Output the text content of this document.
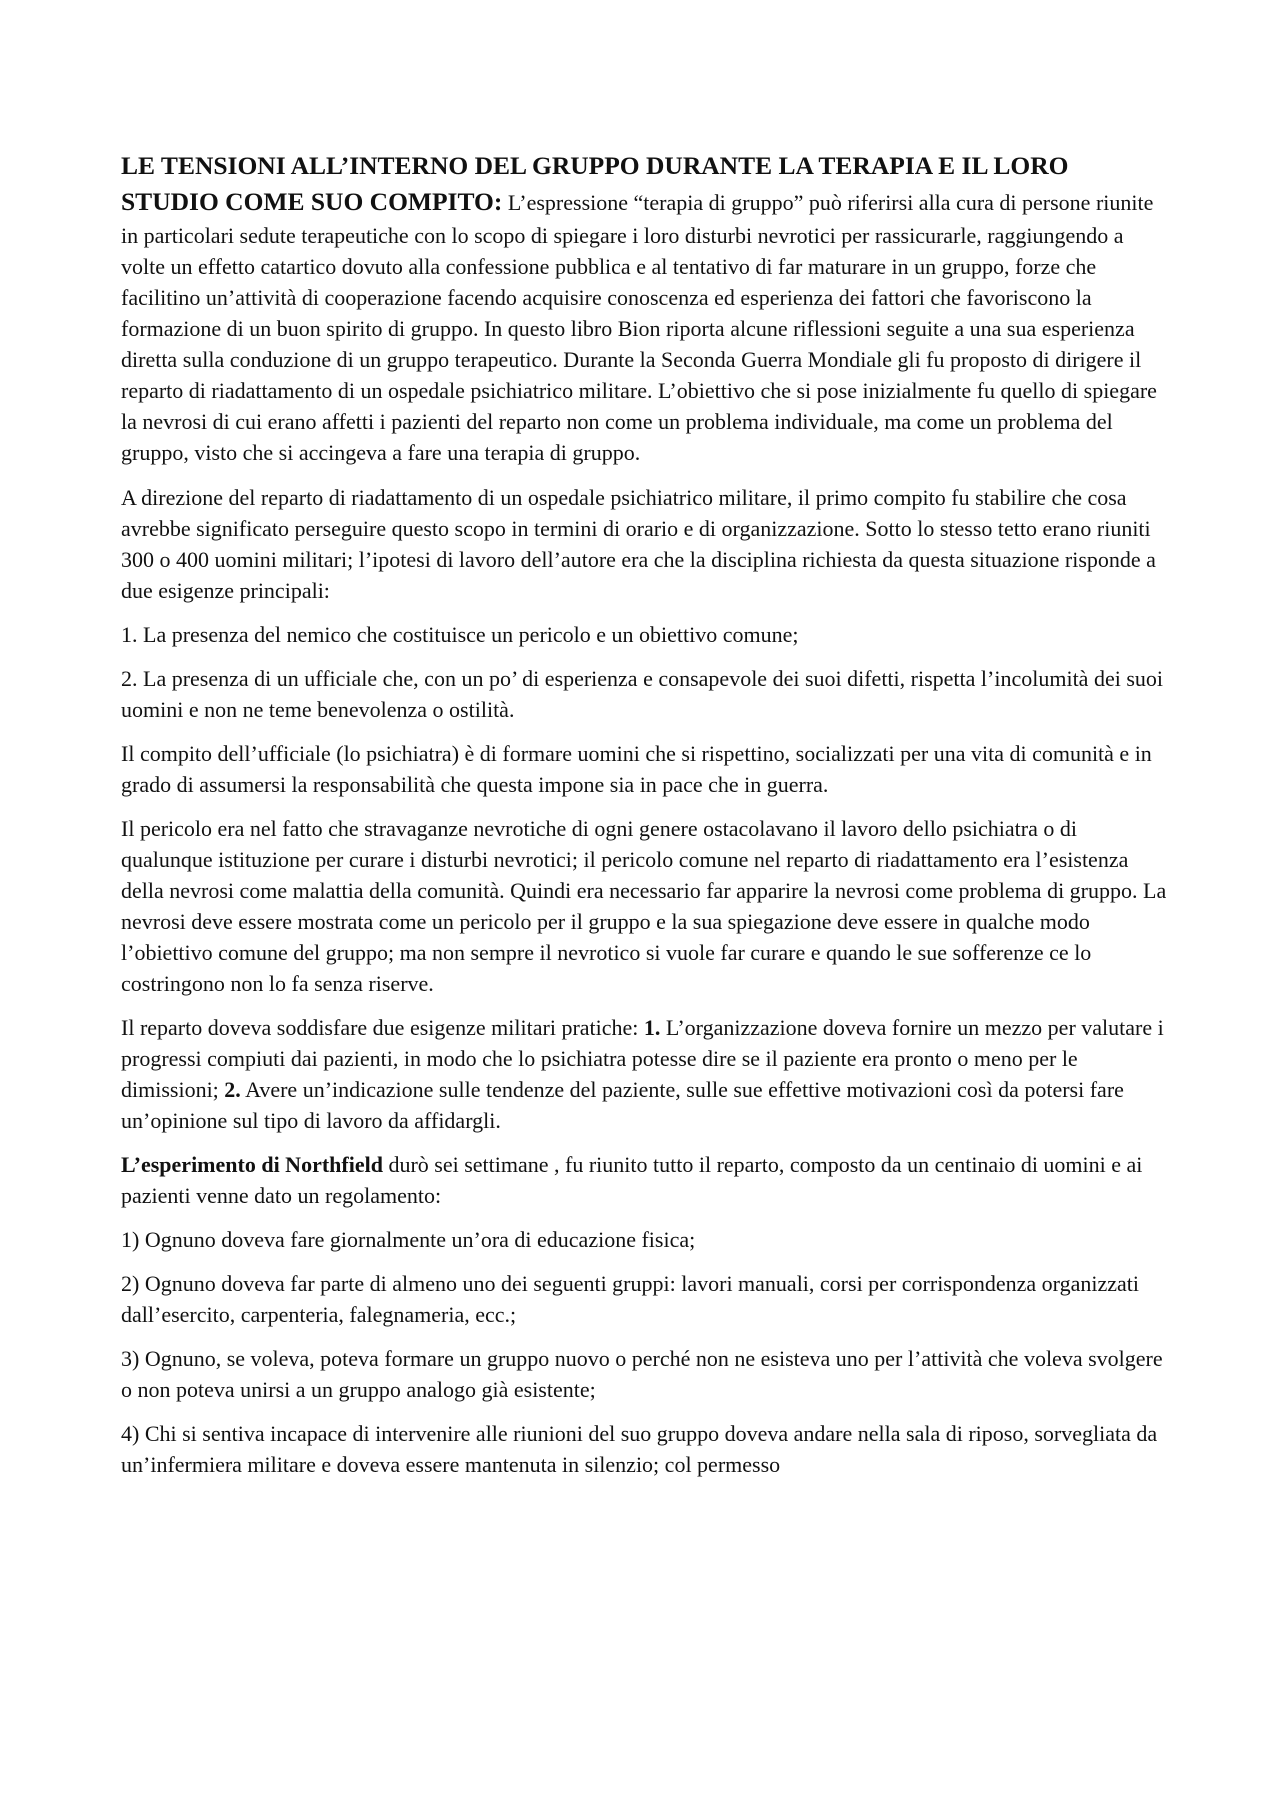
LE TENSIONI ALL’INTERNO DEL GRUPPO DURANTE LA TERAPIA E IL LORO STUDIO COME SUO COMPITO: L’espressione “terapia di gruppo” può riferirsi alla cura di persone riunite in particolari sedute terapeutiche con lo scopo di spiegare i loro disturbi nevrotici per rassicurarle, raggiungendo a volte un effetto catartico dovuto alla confessione pubblica e al tentativo di far maturare in un gruppo, forze che facilitino un’attività di cooperazione facendo acquisire conoscenza ed esperienza dei fattori che favoriscono la formazione di un buon spirito di gruppo. In questo libro Bion riporta alcune riflessioni seguite a una sua esperienza diretta sulla conduzione di un gruppo terapeutico. Durante la Seconda Guerra Mondiale gli fu proposto di dirigere il reparto di riadattamento di un ospedale psichiatrico militare. L’obiettivo che si pose inizialmente fu quello di spiegare la nevrosi di cui erano affetti i pazienti del reparto non come un problema individuale, ma come un problema del gruppo, visto che si accingeva a fare una terapia di gruppo.

A direzione del reparto di riadattamento di un ospedale psichiatrico militare, il primo compito fu stabilire che cosa avrebbe significato perseguire questo scopo in termini di orario e di organizzazione. Sotto lo stesso tetto erano riuniti 300 o 400 uomini militari; l’ipotesi di lavoro dell’autore era che la disciplina richiesta da questa situazione risponde a due esigenze principali:

1. La presenza del nemico che costituisce un pericolo e un obiettivo comune;

2. La presenza di un ufficiale che, con un po’ di esperienza e consapevole dei suoi difetti, rispetta l’incolumità dei suoi uomini e non ne teme benevolenza o ostilità.

Il compito dell’ufficiale (lo psichiatra) è di formare uomini che si rispettino, socializzati per una vita di comunità e in grado di assumersi la responsabilità che questa impone sia in pace che in guerra.

Il pericolo era nel fatto che stravaganze nevrotiche di ogni genere ostacolavano il lavoro dello psichiatra o di qualunque istituzione per curare i disturbi nevrotici; il pericolo comune nel reparto di riadattamento era l’esistenza della nevrosi come malattia della comunità. Quindi era necessario far apparire la nevrosi come problema di gruppo. La nevrosi deve essere mostrata come un pericolo per il gruppo e la sua spiegazione deve essere in qualche modo l’obiettivo comune del gruppo; ma non sempre il nevrotico si vuole far curare e quando le sue sofferenze ce lo costringono non lo fa senza riserve.

Il reparto doveva soddisfare due esigenze militari pratiche: 1. L’organizzazione doveva fornire un mezzo per valutare i progressi compiuti dai pazienti, in modo che lo psichiatra potesse dire se il paziente era pronto o meno per le dimissioni; 2. Avere un’indicazione sulle tendenze del paziente, sulle sue effettive motivazioni così da potersi fare un’opinione sul tipo di lavoro da affidargli.

L’esperimento di Northfield durò sei settimane , fu riunito tutto il reparto, composto da un centinaio di uomini e ai pazienti venne dato un regolamento:

1) Ognuno doveva fare giornalmente un’ora di educazione fisica;

2) Ognuno doveva far parte di almeno uno dei seguenti gruppi: lavori manuali, corsi per corrispondenza organizzati dall’esercito, carpenteria, falegnameria, ecc.;

3) Ognuno, se voleva, poteva formare un gruppo nuovo o perché non ne esisteva uno per l’attività che voleva svolgere o non poteva unirsi a un gruppo analogo già esistente;

4) Chi si sentiva incapace di intervenire alle riunioni del suo gruppo doveva andare nella sala di riposo, sorvegliata da un’infermiera militare e doveva essere mantenuta in silenzio; col permesso
